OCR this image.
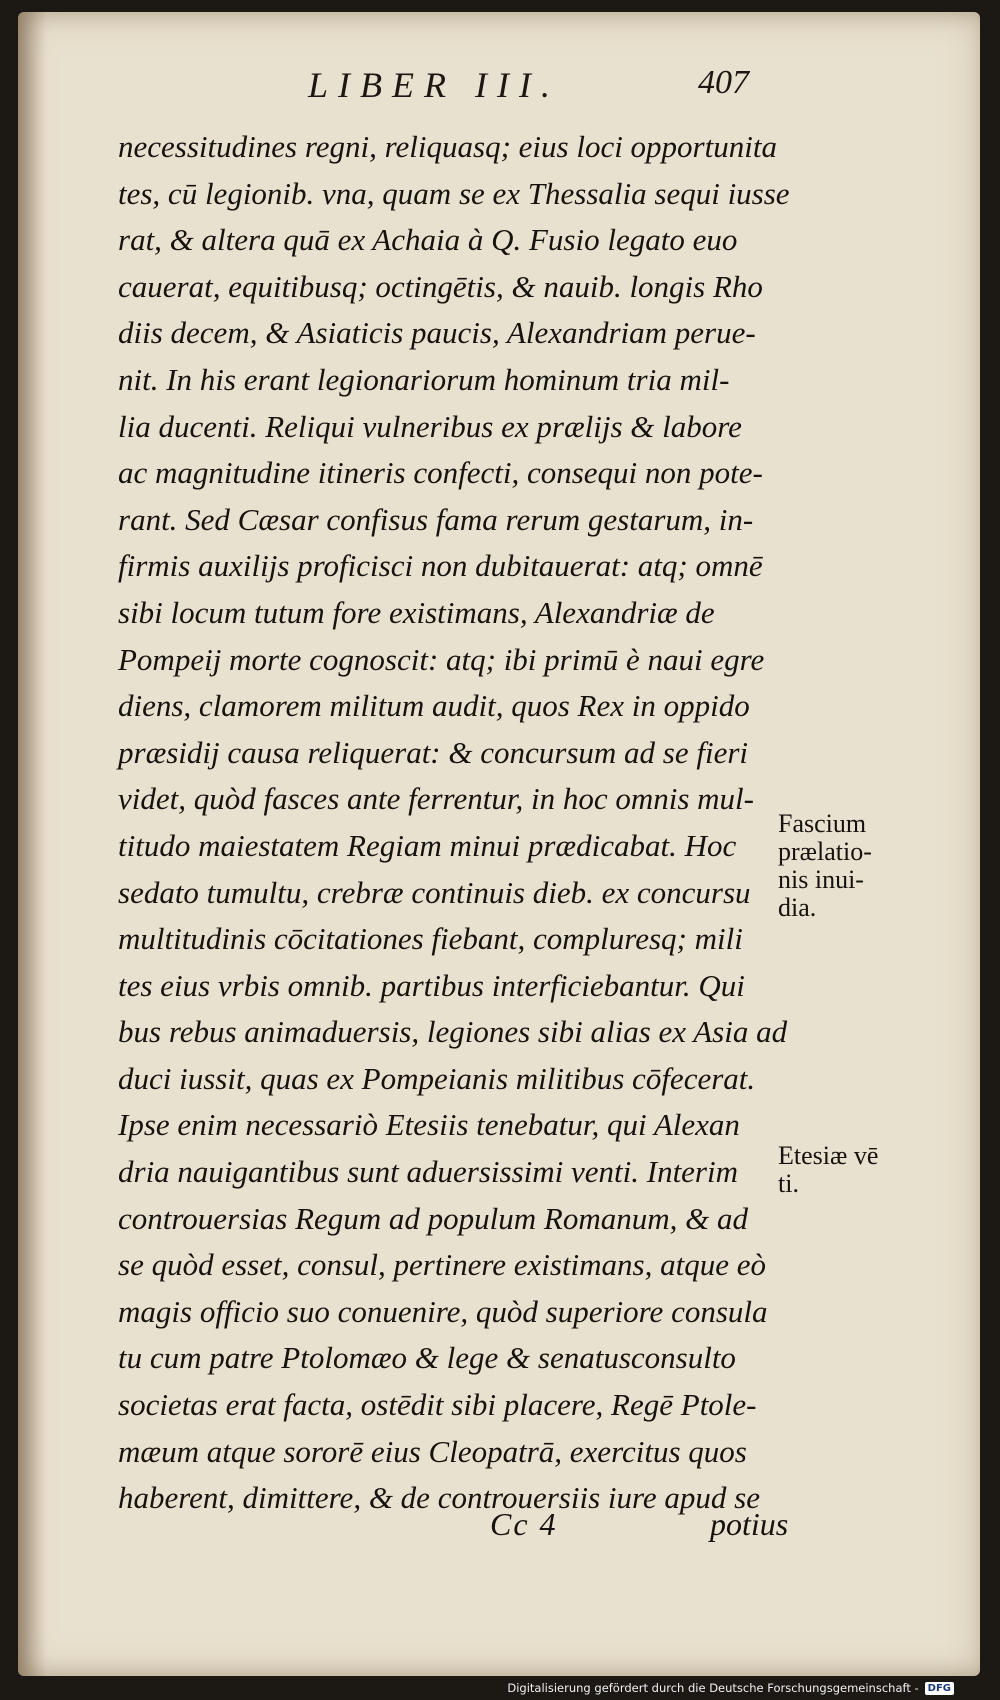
LIBER III.	407
necessitudines regni, reliquasq; eius loci opportunita
tes, cū legionib. vna, quam se ex Thessalia sequi iusse
rat, & altera quā ex Achaia à Q. Fusio legato euo
cauerat, equitibusq; octingētis, & nauib. longis Rho
diis decem, & Asiaticis paucis, Alexandriam perue-
nit. In his erant legionariorum hominum tria mil-
lia ducenti. Reliqui vulneribus ex prælijs & labore
ac magnitudine itineris confecti, consequi non pote-
rant. Sed Cæsar confisus fama rerum gestarum, in-
firmis auxilijs proficisci non dubitauerat: atq; omnē
sibi locum tutum fore existimans, Alexandriæ de
Pompeij morte cognoscit: atq; ibi primū è naui egre
diens, clamorem militum audit, quos Rex in oppido
præsidij causa reliquerat: & concursum ad se fieri
videt, quòd fasces ante ferrentur, in hoc omnis mul-
titudo maiestatem Regiam minui prædicabat. Hoc
sedato tumultu, crebræ continuis dieb. ex concursu
multitudinis cōcitationes fiebant, compluresq; mili
tes eius vrbis omnib. partibus interficiebantur. Qui
bus rebus animaduersis, legiones sibi alias ex Asia ad
duci iussit, quas ex Pompeianis militibus cōfecerat.
Ipse enim necessariò Etesiis tenebatur, qui Alexan
dria nauigantibus sunt aduersissimi venti. Interim
controuersias Regum ad populum Romanum, & ad
se quòd esset, consul, pertinere existimans, atque eò
magis officio suo conuenire, quòd superiore consula
tu cum patre Ptolomæo & lege & senatusconsulto
societas erat facta, ostēdit sibi placere, Regē Ptole-
mæum atque sororē eius Cleopatrā, exercitus quos
haberent, dimittere, & de controuersiis iure apud se
Fascium
prælatio-
nis inui-
dia.
Etesiæ vē
ti.
Cc 4	potius
Digitalisierung gefördert durch die Deutsche Forschungsgemeinschaft - DFG
